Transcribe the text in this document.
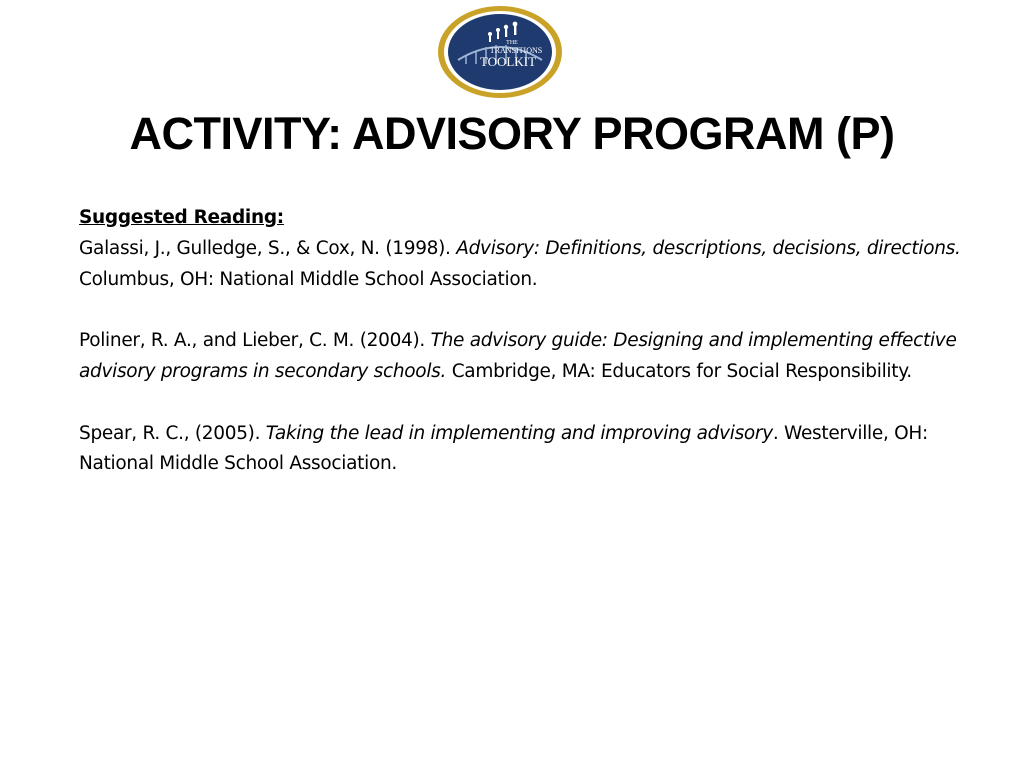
THE
TRANSITIONS
TOOLKIT
ACTIVITY: ADVISORY PROGRAM (P)
Suggested Reading:

Galassi, J., Gulledge, S., & Cox, N. (1998). Advisory: Definitions, descriptions, decisions, directions. Columbus, OH: National Middle School Association.

Poliner, R. A., and Lieber, C. M. (2004). The advisory guide: Designing and implementing effective advisory programs in secondary schools. Cambridge, MA: Educators for Social Responsibility.

Spear, R. C., (2005). Taking the lead in implementing and improving advisory. Westerville, OH: National Middle School Association.
